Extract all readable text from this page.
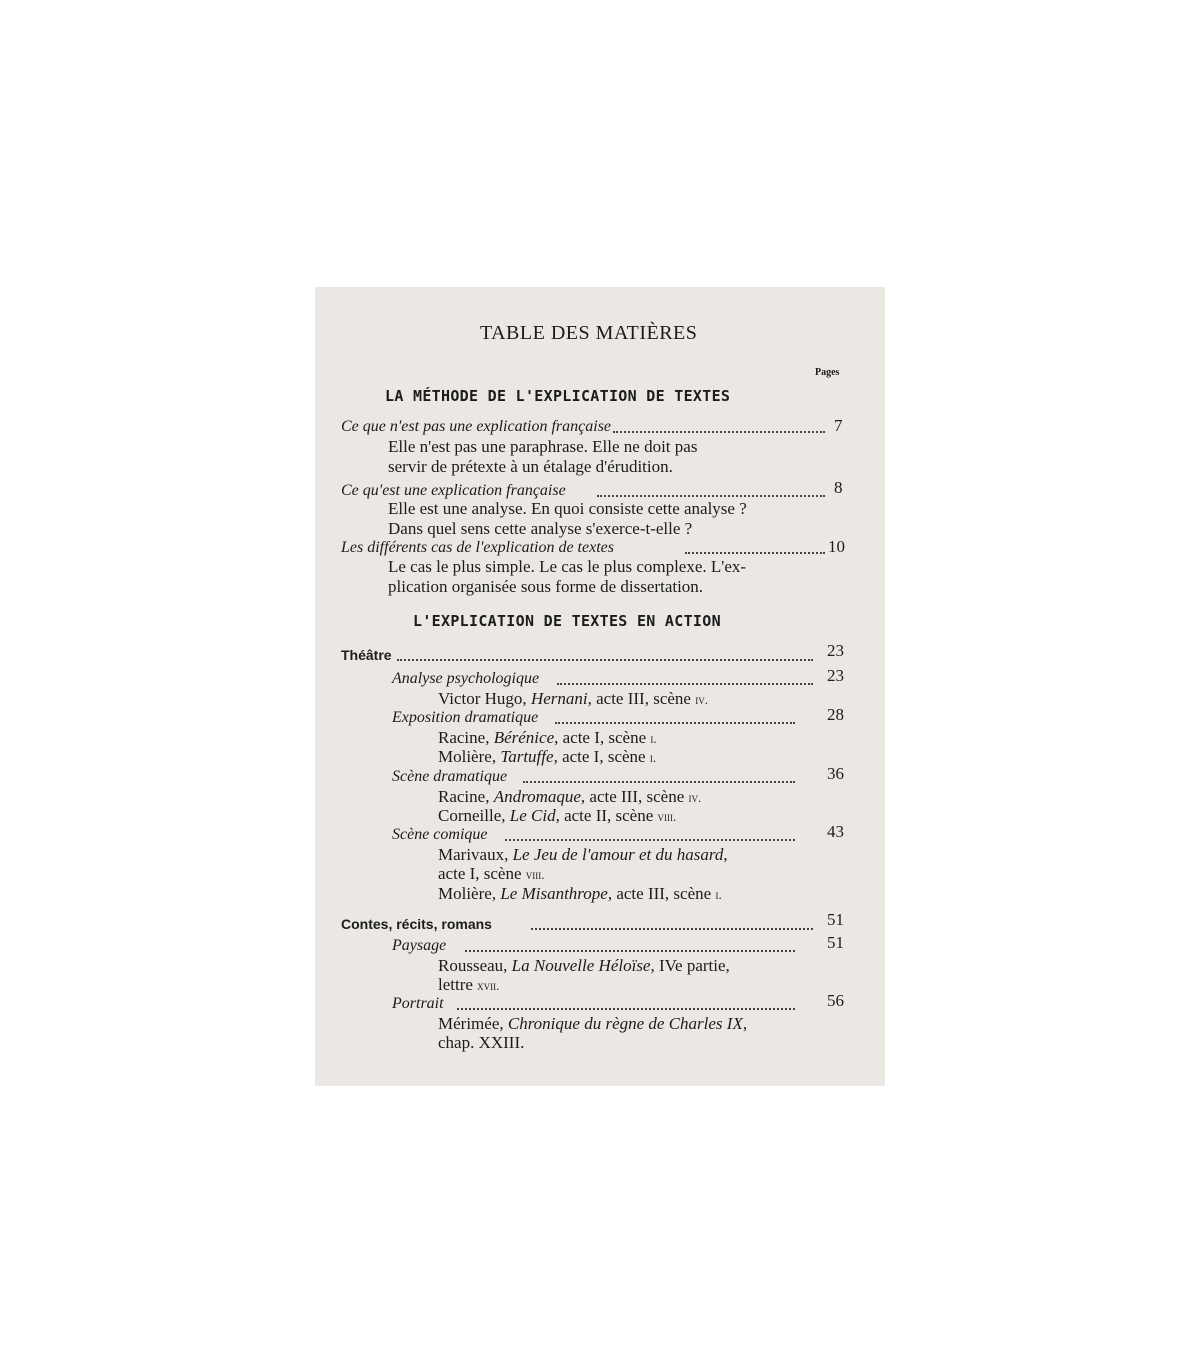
TABLE DES MATIÈRES
Pages
LA MÉTHODE DE L'EXPLICATION DE TEXTES
Ce que n'est pas une explication française	7
Elle n'est pas une paraphrase. Elle ne doit pas
servir de prétexte à un étalage d'érudition.
Ce qu'est une explication française	8
Elle est une analyse. En quoi consiste cette analyse ?
Dans quel sens cette analyse s'exerce-t-elle ?
Les différents cas de l'explication de textes	10
Le cas le plus simple. Le cas le plus complexe. L'ex-
plication organisée sous forme de dissertation.
L'EXPLICATION DE TEXTES EN ACTION
Théâtre	23
Analyse psychologique	23
Victor Hugo, Hernani, acte III, scène iv.
Exposition dramatique	28
Racine, Bérénice, acte I, scène i.
Molière, Tartuffe, acte I, scène i.
Scène dramatique	36
Racine, Andromaque, acte III, scène iv.
Corneille, Le Cid, acte II, scène viii.
Scène comique	43
Marivaux, Le Jeu de l'amour et du hasard,
acte I, scène viii.
Molière, Le Misanthrope, acte III, scène i.
Contes, récits, romans	51
Paysage	51
Rousseau, La Nouvelle Héloïse, IVe partie,
lettre xvii.
Portrait	56
Mérimée, Chronique du règne de Charles IX,
chap. XXIII.
